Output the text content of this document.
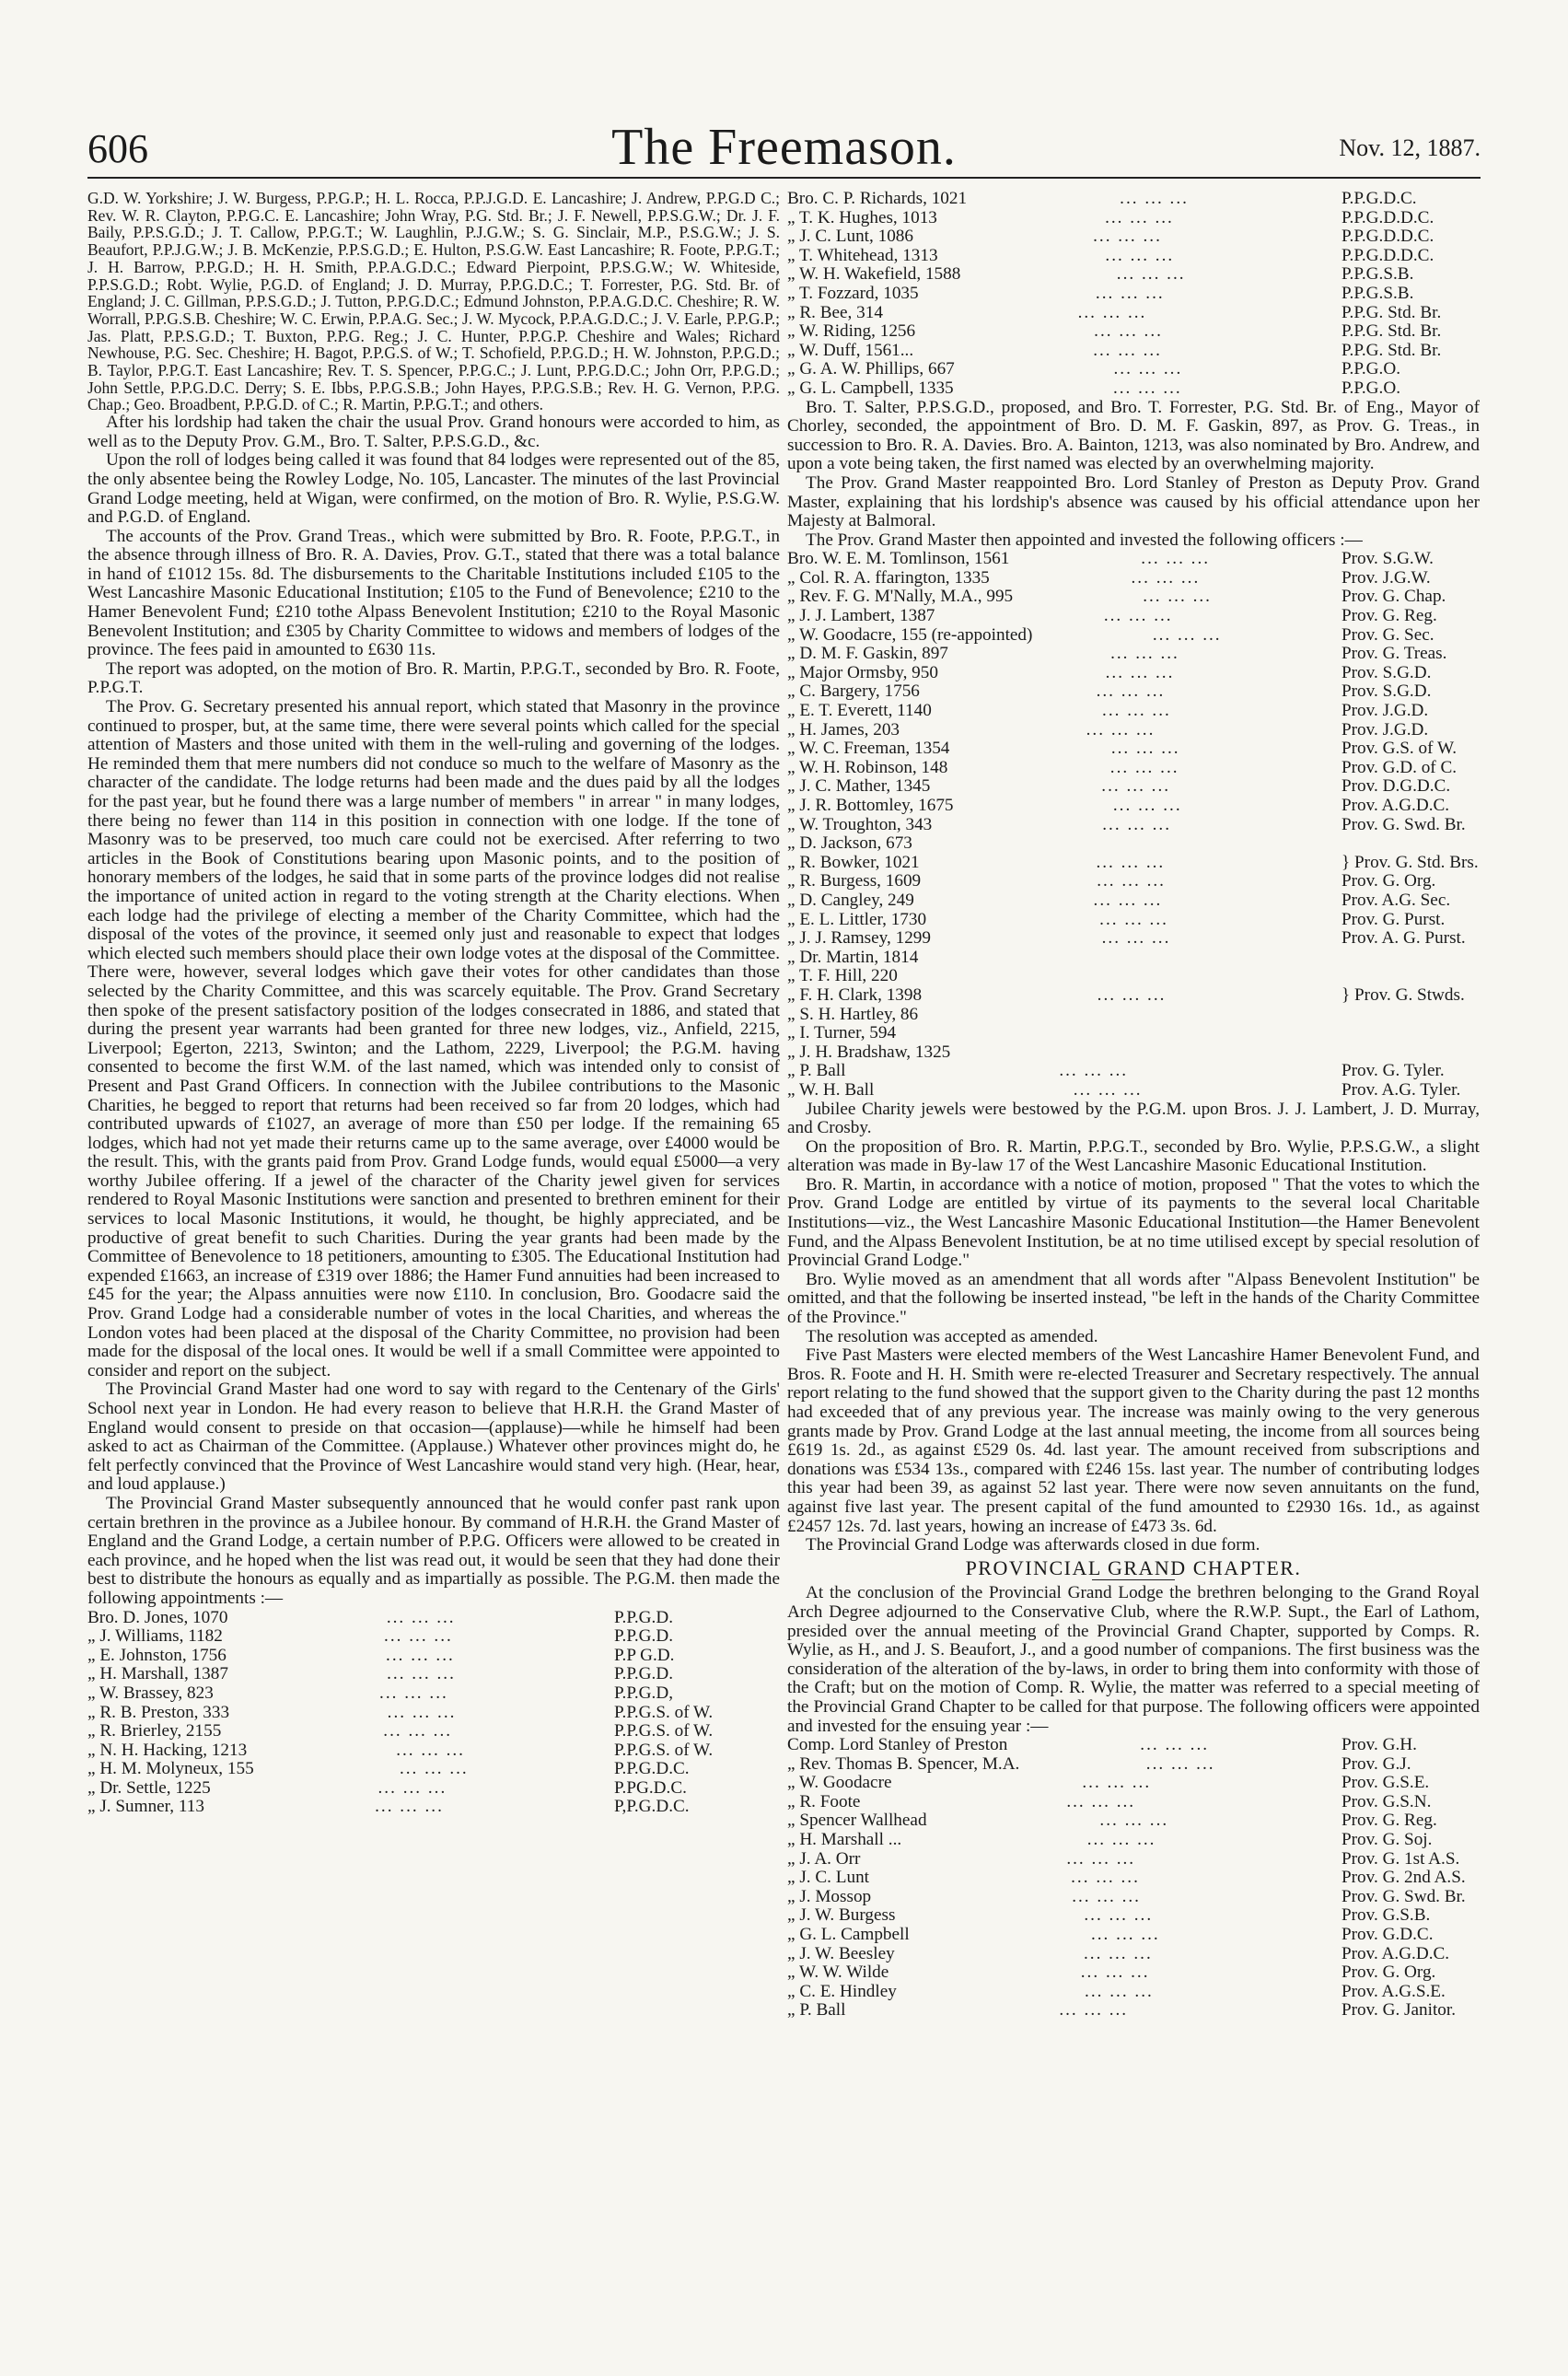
606	The Freemason.	Nov. 12, 1887.

G.D. W. Yorkshire; J. W. Burgess, P.P.G.P.; H. L. Rocca, P.P.J.G.D. E. Lancashire; J. Andrew, P.P.G.D C.; Rev. W. R. Clayton, P.P.G.C. E. Lancashire; John Wray, P.G. Std. Br.; J. F. Newell, P.P.S.G.W.; Dr. J. F. Baily, P.P.S.G.D.; J. T. Callow, P.P.G.T.; W. Laughlin, P.J.G.W.; S. G. Sinclair, M.P., P.S.G.W.; J. S. Beaufort, P.P.J.G.W.; J. B. McKenzie, P.P.S.G.D.; E. Hulton, P.S.G.W. East Lancashire; R. Foote, P.P.G.T.; J. H. Barrow, P.P.G.D.; H. H. Smith, P.P.A.G.D.C.; Edward Pierpoint, P.P.S.G.W.; W. Whiteside, P.P.S.G.D.; Robt. Wylie, P.G.D. of England; J. D. Murray, P.P.G.D.C.; T. Forrester, P.G. Std. Br. of England; J. C. Gillman, P.P.S.G.D.; J. Tutton, P.P.G.D.C.; Edmund Johnston, P.P.A.G.D.C. Cheshire; R. W. Worrall, P.P.G.S.B. Cheshire; W. C. Erwin, P.P.A.G. Sec.; J. W. Mycock, P.P.A.G.D.C.; J. V. Earle, P.P.G.P.; Jas. Platt, P.P.S.G.D.; T. Buxton, P.P.G. Reg.; J. C. Hunter, P.P.G.P. Cheshire and Wales; Richard Newhouse, P.G. Sec. Cheshire; H. Bagot, P.P.G.S. of W.; T. Schofield, P.P.G.D.; H. W. Johnston, P.P.G.D.; B. Taylor, P.P.G.T. East Lancashire; Rev. T. S. Spencer, P.P.G.C.; J. Lunt, P.P.G.D.C.; John Orr, P.P.G.D.; John Settle, P.P.G.D.C. Derry; S. E. Ibbs, P.P.G.S.B.; John Hayes, P.P.G.S.B.; Rev. H. G. Vernon, P.P.G. Chap.; Geo. Broadbent, P.P.G.D. of C.; R. Martin, P.P.G.T.; and others.

After his lordship had taken the chair the usual Prov. Grand honours were accorded to him, as well as to the Deputy Prov. G.M., Bro. T. Salter, P.P.S.G.D., &c.

Upon the roll of lodges being called it was found that 84 lodges were represented out of the 85, the only absentee being the Rowley Lodge, No. 105, Lancaster. The minutes of the last Provincial Grand Lodge meeting, held at Wigan, were confirmed, on the motion of Bro. R. Wylie, P.S.G.W. and P.G.D. of England.

The accounts of the Prov. Grand Treas., which were submitted by Bro. R. Foote, P.P.G.T., in the absence through illness of Bro. R. A. Davies, Prov. G.T., stated that there was a total balance in hand of £1012 15s. 8d. The disbursements to the Charitable Institutions included £105 to the West Lancashire Masonic Educational Institution; £105 to the Fund of Benevolence; £210 to the Hamer Benevolent Fund; £210 tothe Alpass Benevolent Institution; £210 to the Royal Masonic Benevolent Institution; and £305 by Charity Committee to widows and members of lodges of the province. The fees paid in amounted to £630 11s.

The report was adopted, on the motion of Bro. R. Martin, P.P.G.T., seconded by Bro. R. Foote, P.P.G.T.

The Prov. G. Secretary presented his annual report, which stated that Masonry in the province continued to prosper, but, at the same time, there were several points which called for the special attention of Masters and those united with them in the well-ruling and governing of the lodges. He reminded them that mere numbers did not conduce so much to the welfare of Masonry as the character of the candidate. The lodge returns had been made and the dues paid by all the lodges for the past year, but he found there was a large number of members " in arrear " in many lodges, there being no fewer than 114 in this position in connection with one lodge. If the tone of Masonry was to be preserved, too much care could not be exercised. After referring to two articles in the Book of Constitutions bearing upon Masonic points, and to the position of honorary members of the lodges, he said that in some parts of the province lodges did not realise the importance of united action in regard to the voting strength at the Charity elections. When each lodge had the privilege of electing a member of the Charity Committee, which had the disposal of the votes of the province, it seemed only just and reasonable to expect that lodges which elected such members should place their own lodge votes at the disposal of the Committee. There were, however, several lodges which gave their votes for other candidates than those selected by the Charity Committee, and this was scarcely equitable. The Prov. Grand Secretary then spoke of the present satisfactory position of the lodges consecrated in 1886, and stated that during the present year warrants had been granted for three new lodges, viz., Anfield, 2215, Liverpool; Egerton, 2213, Swinton; and the Lathom, 2229, Liverpool; the P.G.M. having consented to become the first W.M. of the last named, which was intended only to consist of Present and Past Grand Officers. In connection with the Jubilee contributions to the Masonic Charities, he begged to report that returns had been received so far from 20 lodges, which had contributed upwards of £1027, an average of more than £50 per lodge. If the remaining 65 lodges, which had not yet made their returns came up to the same average, over £4000 would be the result. This, with the grants paid from Prov. Grand Lodge funds, would equal £5000—a very worthy Jubilee offering. If a jewel of the character of the Charity jewel given for services rendered to Royal Masonic Institutions were sanction and presented to brethren eminent for their services to local Masonic Institutions, it would, he thought, be highly appreciated, and be productive of great benefit to such Charities. During the year grants had been made by the Committee of Benevolence to 18 petitioners, amounting to £305. The Educational Institution had expended £1663, an increase of £319 over 1886; the Hamer Fund annuities had been increased to £45 for the year; the Alpass annuities were now £110. In conclusion, Bro. Goodacre said the Prov. Grand Lodge had a considerable number of votes in the local Charities, and whereas the London votes had been placed at the disposal of the Charity Committee, no provision had been made for the disposal of the local ones. It would be well if a small Committee were appointed to consider and report on the subject.

The Provincial Grand Master had one word to say with regard to the Centenary of the Girls' School next year in London. He had every reason to believe that H.R.H. the Grand Master of England would consent to preside on that occasion—(applause)—while he himself had been asked to act as Chairman of the Committee. (Applause.) Whatever other provinces might do, he felt perfectly convinced that the Province of West Lancashire would stand very high. (Hear, hear, and loud applause.)

The Provincial Grand Master subsequently announced that he would confer past rank upon certain brethren in the province as a Jubilee honour. By command of H.R.H. the Grand Master of England and the Grand Lodge, a certain number of P.P.G. Officers were allowed to be created in each province, and he hoped when the list was read out, it would be seen that they had done their best to distribute the honours as equally and as impartially as possible. The P.G.M. then made the following appointments :—

Bro. D. Jones, 1070	... ... ...	P.P.G.D.
„ J. Williams, 1182	... ... ...	P.P.G.D.
„ E. Johnston, 1756	... ... ...	P.P G.D.
„ H. Marshall, 1387	... ... ...	P.P.G.D.
„ W. Brassey, 823	... ... ...	P.P.G.D,
„ R. B. Preston, 333	... ... ...	P.P.G.S. of W.
„ R. Brierley, 2155	... ... ...	P.P.G.S. of W.
„ N. H. Hacking, 1213	... ... ...	P.P.G.S. of W.
„ H. M. Molyneux, 155	... ... ...	P.P.G.D.C.
„ Dr. Settle, 1225	... ... ...	P.PG.D.C.
„ J. Sumner, 113	... ... ...	P,P.G.D.C.
Bro. C. P. Richards, 1021	... ... ...	P.P.G.D.C.
„ T. K. Hughes, 1013	... ... ...	P.P.G.D.D.C.
„ J. C. Lunt, 1086	... ... ...	P.P.G.D.D.C.
„ T. Whitehead, 1313	... ... ...	P.P.G.D.D.C.
„ W. H. Wakefield, 1588	... ... ...	P.P.G.S.B.
„ T. Fozzard, 1035	... ... ...	P.P.G.S.B.
„ R. Bee, 314	... ... ...	P.P.G. Std. Br.
„ W. Riding, 1256	... ... ...	P.P.G. Std. Br.
„ W. Duff, 1561...	... ... ...	P.P.G. Std. Br.
„ G. A. W. Phillips, 667	... ... ...	P.P.G.O.
„ G. L. Campbell, 1335	... ... ...	P.P.G.O.

Bro. T. Salter, P.P.S.G.D., proposed, and Bro. T. Forrester, P.G. Std. Br. of Eng., Mayor of Chorley, seconded, the appointment of Bro. D. M. F. Gaskin, 897, as Prov. G. Treas., in succession to Bro. R. A. Davies. Bro. A. Bainton, 1213, was also nominated by Bro. Andrew, and upon a vote being taken, the first named was elected by an overwhelming majority.

The Prov. Grand Master reappointed Bro. Lord Stanley of Preston as Deputy Prov. Grand Master, explaining that his lordship's absence was caused by his official attendance upon her Majesty at Balmoral.

The Prov. Grand Master then appointed and invested the following officers :—

Bro. W. E. M. Tomlinson, 1561	... ... ...	Prov. S.G.W.
„ Col. R. A. ffarington, 1335	... ... ...	Prov. J.G.W.
„ Rev. F. G. M'Nally, M.A., 995	... ... ...	Prov. G. Chap.
„ J. J. Lambert, 1387	... ... ...	Prov. G. Reg.
„ W. Goodacre, 155 (re-appointed)	... ... ...	Prov. G. Sec.
„ D. M. F. Gaskin, 897	... ... ...	Prov. G. Treas.
„ Major Ormsby, 950	... ... ...	Prov. S.G.D.
„ C. Bargery, 1756	... ... ...	Prov. S.G.D.
„ E. T. Everett, 1140	... ... ...	Prov. J.G.D.
„ H. James, 203	... ... ...	Prov. J.G.D.
„ W. C. Freeman, 1354	... ... ...	Prov. G.S. of W.
„ W. H. Robinson, 148	... ... ...	Prov. G.D. of C.
„ J. C. Mather, 1345	... ... ...	Prov. D.G.D.C.
„ J. R. Bottomley, 1675	... ... ...	Prov. A.G.D.C.
„ W. Troughton, 343	... ... ...	Prov. G. Swd. Br.
„ D. Jackson, 673
„ R. Bowker, 1021	... ... ...	} Prov. G. Std. Brs.
„ R. Burgess, 1609	... ... ...	Prov. G. Org.
„ D. Cangley, 249	... ... ...	Prov. A.G. Sec.
„ E. L. Littler, 1730	... ... ...	Prov. G. Purst.
„ J. J. Ramsey, 1299	... ... ...	Prov. A. G. Purst.
„ Dr. Martin, 1814
„ T. F. Hill, 220
„ F. H. Clark, 1398	... ... ...	} Prov. G. Stwds.
„ S. H. Hartley, 86
„ I. Turner, 594
„ J. H. Bradshaw, 1325
„ P. Ball	... ... ...	Prov. G. Tyler.
„ W. H. Ball	... ... ...	Prov. A.G. Tyler.

Jubilee Charity jewels were bestowed by the P.G.M. upon Bros. J. J. Lambert, J. D. Murray, and Crosby.

On the proposition of Bro. R. Martin, P.P.G.T., seconded by Bro. Wylie, P.P.S.G.W., a slight alteration was made in By-law 17 of the West Lancashire Masonic Educational Institution.

Bro. R. Martin, in accordance with a notice of motion, proposed " That the votes to which the Prov. Grand Lodge are entitled by virtue of its payments to the several local Charitable Institutions—viz., the West Lancashire Masonic Educational Institution—the Hamer Benevolent Fund, and the Alpass Benevolent Institution, be at no time utilised except by special resolution of Provincial Grand Lodge."

Bro. Wylie moved as an amendment that all words after "Alpass Benevolent Institution" be omitted, and that the following be inserted instead, "be left in the hands of the Charity Committee of the Province."

The resolution was accepted as amended.

Five Past Masters were elected members of the West Lancashire Hamer Benevolent Fund, and Bros. R. Foote and H. H. Smith were re-elected Treasurer and Secretary respectively. The annual report relating to the fund showed that the support given to the Charity during the past 12 months had exceeded that of any previous year. The increase was mainly owing to the very generous grants made by Prov. Grand Lodge at the last annual meeting, the income from all sources being £619 1s. 2d., as against £529 0s. 4d. last year. The amount received from subscriptions and donations was £534 13s., compared with £246 15s. last year. The number of contributing lodges this year had been 39, as against 52 last year. There were now seven annuitants on the fund, against five last year. The present capital of the fund amounted to £2930 16s. 1d., as against £2457 12s. 7d. last years, howing an increase of £473 3s. 6d.

The Provincial Grand Lodge was afterwards closed in due form.

PROVINCIAL GRAND CHAPTER.

At the conclusion of the Provincial Grand Lodge the brethren belonging to the Grand Royal Arch Degree adjourned to the Conservative Club, where the R.W.P. Supt., the Earl of Lathom, presided over the annual meeting of the Provincial Grand Chapter, supported by Comps. R. Wylie, as H., and J. S. Beaufort, J., and a good number of companions. The first business was the consideration of the alteration of the by-laws, in order to bring them into conformity with those of the Craft; but on the motion of Comp. R. Wylie, the matter was referred to a special meeting of the Provincial Grand Chapter to be called for that purpose. The following officers were appointed and invested for the ensuing year :—

Comp. Lord Stanley of Preston	... ... ...	Prov. G.H.
„ Rev. Thomas B. Spencer, M.A.	... ... ...	Prov. G.J.
„ W. Goodacre	... ... ...	Prov. G.S.E.
„ R. Foote	... ... ...	Prov. G.S.N.
„ Spencer Wallhead	... ... ...	Prov. G. Reg.
„ H. Marshall ...	... ... ...	Prov. G. Soj.
„ J. A. Orr	... ... ...	Prov. G. 1st A.S.
„ J. C. Lunt	... ... ...	Prov. G. 2nd A.S.
„ J. Mossop	... ... ...	Prov. G. Swd. Br.
„ J. W. Burgess	... ... ...	Prov. G.S.B.
„ G. L. Campbell	... ... ...	Prov. G.D.C.
„ J. W. Beesley	... ... ...	Prov. A.G.D.C.
„ W. W. Wilde	... ... ...	Prov. G. Org.
„ C. E. Hindley	... ... ...	Prov. A.G.S.E.
„ P. Ball	... ... ...	Prov. G. Janitor.
